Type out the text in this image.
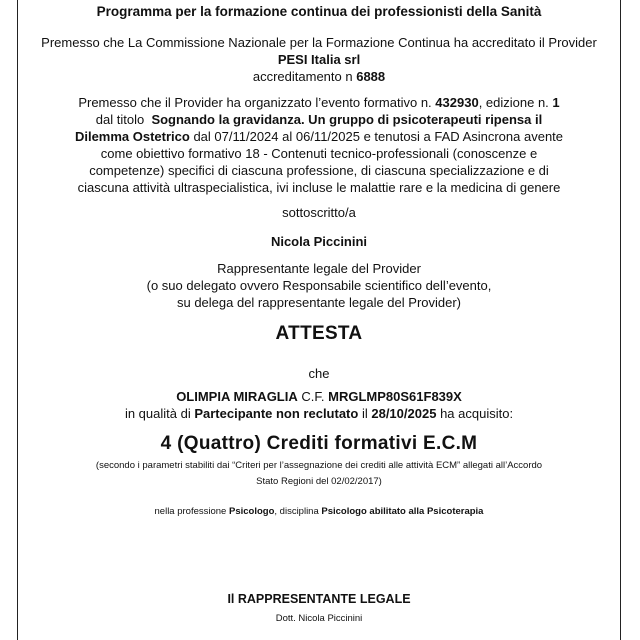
Programma per la formazione continua dei professionisti della Sanità
Premesso che La Commissione Nazionale per la Formazione Continua ha accreditato il Provider
PESI Italia srl
accreditamento n 6888
Premesso che il Provider ha organizzato l’evento formativo n. 432930, edizione n. 1 dal titolo Sognando la gravidanza. Un gruppo di psicoterapeuti ripensa il Dilemma Ostetrico dal 07/11/2024 al 06/11/2025 e tenutosi a FAD Asincrona avente come obiettivo formativo 18 - Contenuti tecnico-professionali (conoscenze e competenze) specifici di ciascuna professione, di ciascuna specializzazione e di ciascuna attività ultraspecialistica, ivi incluse le malattie rare e la medicina di genere
sottoscritto/a
Nicola Piccinini
Rappresentante legale del Provider
(o suo delegato ovvero Responsabile scientifico dell’evento,
su delega del rappresentante legale del Provider)
ATTESTA
che
OLIMPIA MIRAGLIA C.F. MRGLMP80S61F839X
in qualità di Partecipante non reclutato il 28/10/2025 ha acquisito:
4 (Quattro) Crediti formativi E.C.M
(secondo i parametri stabiliti dai “Criteri per l’assegnazione dei crediti alle attività ECM” allegati all’Accordo Stato Regioni del 02/02/2017)
nella professione Psicologo, disciplina Psicologo abilitato alla Psicoterapia
Il RAPPRESENTANTE LEGALE
Dott. Nicola Piccinini
